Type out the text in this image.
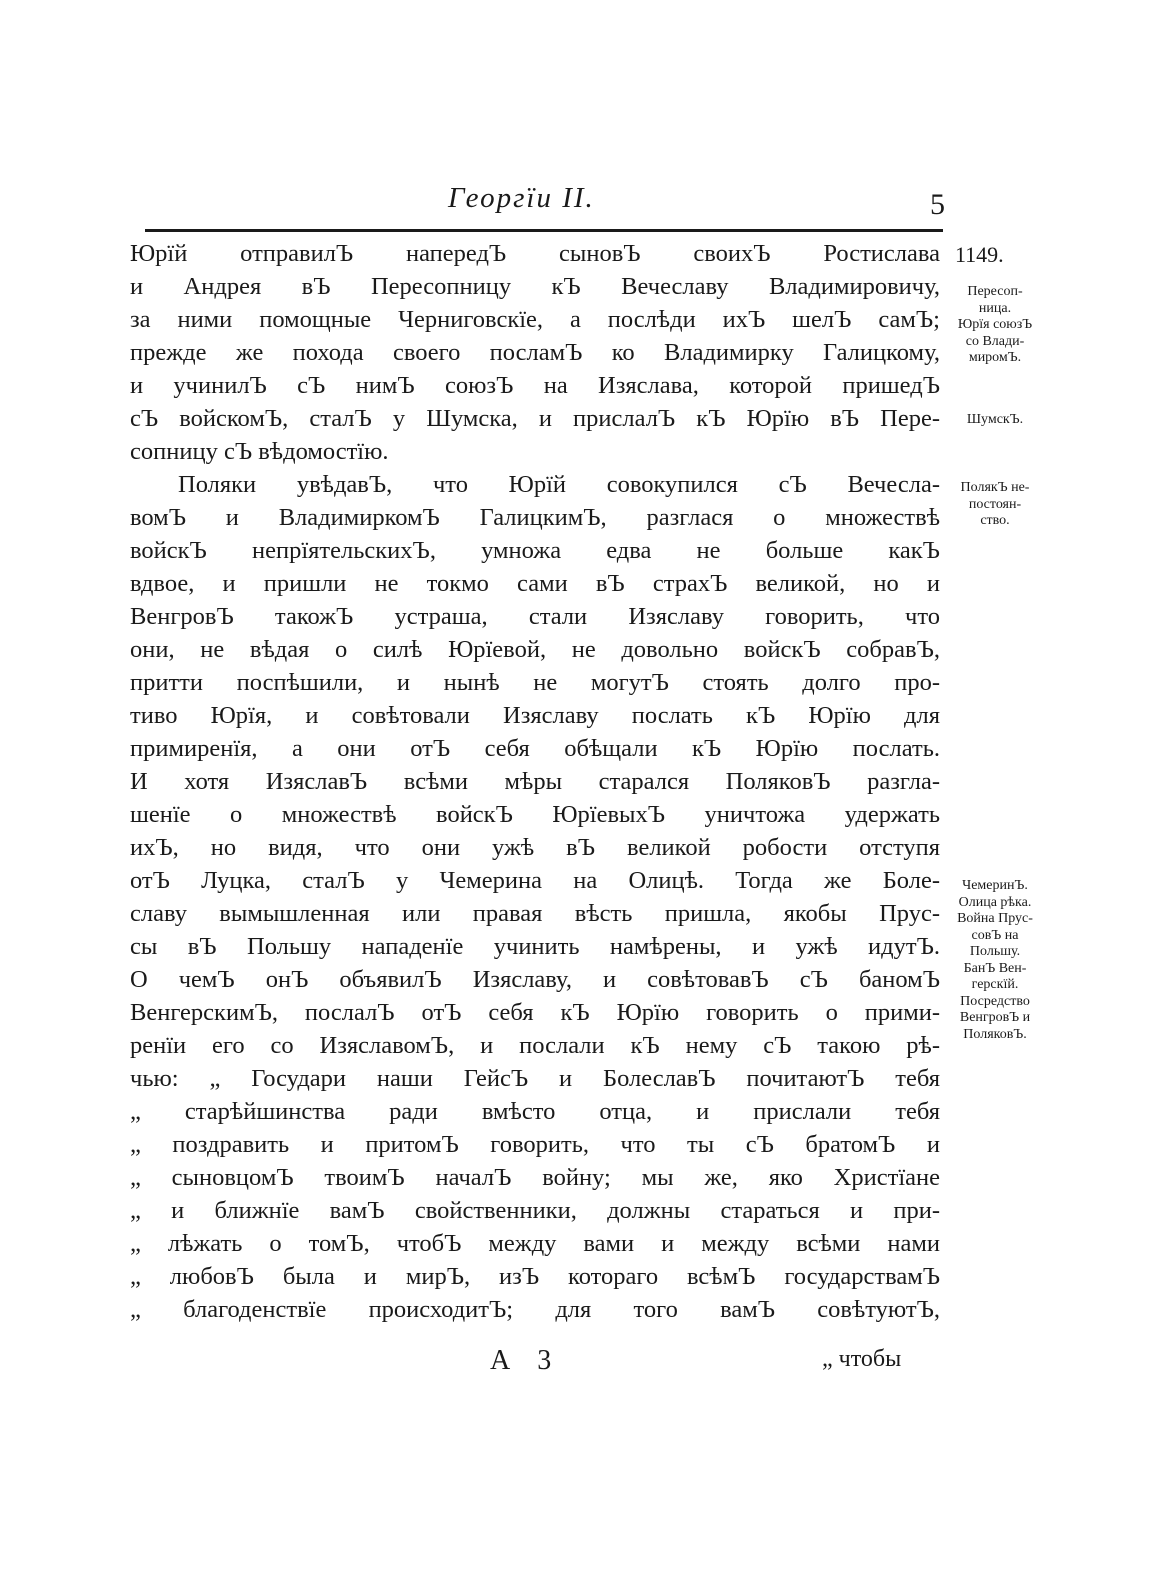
Георгїи II.	5
1149.
Юрїй отправилЪ напередЪ сыновЪ своихЪ Ростислава
и Андрея вЪ Пересопницу кЪ Вечеславу Владимировичу,
за ними помощные Черниговскїе, а послѣди ихЪ шелЪ самЪ;
прежде же похода своего посламЪ ко Владимирку Галицкому,
и учинилЪ сЪ нимЪ союзЪ на Изяслава, которой пришедЪ
сЪ войскомЪ, сталЪ у Шумска, и прислалЪ кЪ Юрїю вЪ Пере-
сопницу сЪ вѣдомостїю.
Поляки увѣдавЪ, что Юрїй совокупился сЪ Вечесла-
вомЪ и ВладимиркомЪ ГалицкимЪ, разглася о множествѣ
войскЪ непрїятельскихЪ, умножа едва не больше какЪ
вдвое, и пришли не токмо сами вЪ страхЪ великой, но и
ВенгровЪ такожЪ устраша, стали Изяславу говорить, что
они, не вѣдая о силѣ Юрїевой, не довольно войскЪ собравЪ,
притти поспѣшили, и нынѣ не могутЪ стоять долго про-
тиво Юрїя, и совѣтовали Изяславу послать кЪ Юрїю для
примиренїя, а они отЪ себя обѣщали кЪ Юрїю послать.
И хотя ИзяславЪ всѣми мѣры старался ПоляковЪ разгла-
шенїе о множествѣ войскЪ ЮрїевыхЪ уничтожа удержать
ихЪ, но видя, что они ужѣ вЪ великой робости отступя
отЪ Луцка, сталЪ у Чемерина на Олицѣ. Тогда же Боле-
славу вымышленная или правая вѣсть пришла, якобы Прус-
сы вЪ Польшу нападенїе учинить намѣрены, и ужѣ идутЪ.
О чемЪ онЪ объявилЪ Изяславу, и совѣтовавЪ сЪ баномЪ
ВенгерскимЪ, послалЪ отЪ себя кЪ Юрїю говорить о прими-
ренїи его со ИзяславомЪ, и послали кЪ нему сЪ такою рѣ-
чью: „ Государи наши ГейсЪ и БолеславЪ почитаютЪ тебя
„ старѣйшинства ради вмѣсто отца, и прислали тебя
„ поздравить и притомЪ говорить, что ты сЪ братомЪ и
„ сыновцомЪ твоимЪ началЪ войну; мы же, яко Христїане
„ и ближнїе вамЪ свойственники, должны стараться и при-
„ лѣжать о томЪ, чтобЪ между вами и между всѣми нами
„ любовЪ была и мирЪ, изЪ котораго всѣмЪ государствамЪ
„ благоденствїе происходитЪ; для того вамЪ совѣтуютЪ,
Пересоп-
ница.
Юрїя союзЪ
со Влади-
миромЪ.
ШумскЪ.
ПолякЪ не-
постоян-
ство.
ЧемеринЪ.
Олица рѣка.
Война Прус-
совЪ на
Польшу.
БанЪ Вен-
герскїй.
Посредство
ВенгровЪ и
ПоляковЪ.
А 3	„ чтобы
